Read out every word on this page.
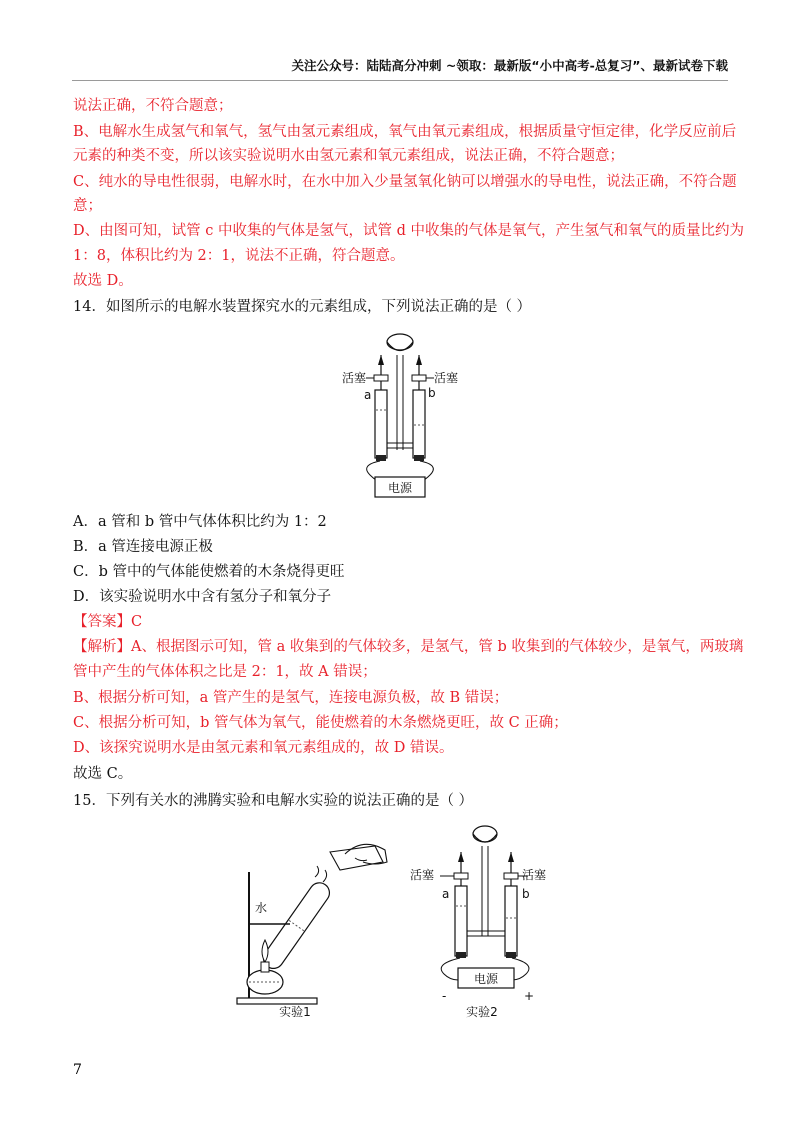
关注公众号：陆陆高分冲刺 ~领取：最新版“小中高考-总复习”、最新试卷下载
说法正确，不符合题意；
B、电解水生成氢气和氧气，氢气由氢元素组成，氧气由氧元素组成，根据质量守恒定律，化学反应前后
元素的种类不变，所以该实验说明水由氢元素和氧元素组成，说法正确，不符合题意；
C、纯水的导电性很弱，电解水时，在水中加入少量氢氧化钠可以增强水的导电性，说法正确，不符合题
意；
D、由图可知，试管 c 中收集的气体是氢气，试管 d 中收集的气体是氧气，产生氢气和氧气的质量比约为
1：8，体积比约为 2：1，说法不正确，符合题意。
故选 D。
14．如图所示的电解水装置探究水的元素组成，下列说法正确的是（ ）
电源
活塞	活塞
a	b
A．a 管和 b 管中气体体积比约为 1：2
B．a 管连接电源正极
C．b 管中的气体能使燃着的木条烧得更旺
D．该实验说明水中含有氢分子和氧分子
【答案】C
【解析】A、根据图示可知，管 a 收集到的气体较多，是氢气，管 b 收集到的气体较少，是氧气，两玻璃
管中产生的气体体积之比是 2：1，故 A 错误；
B、根据分析可知，a 管产生的是氢气，连接电源负极，故 B 错误；
C、根据分析可知，b 管气体为氧气，能使燃着的木条燃烧更旺，故 C 正确；
D、该探究说明水是由氢元素和氧元素组成的，故 D 错误。
故选 C。
15．下列有关水的沸腾实验和电解水实验的说法正确的是（ ）
水
实验1
电源
-	+
活塞	活塞
a	b
实验2
7
